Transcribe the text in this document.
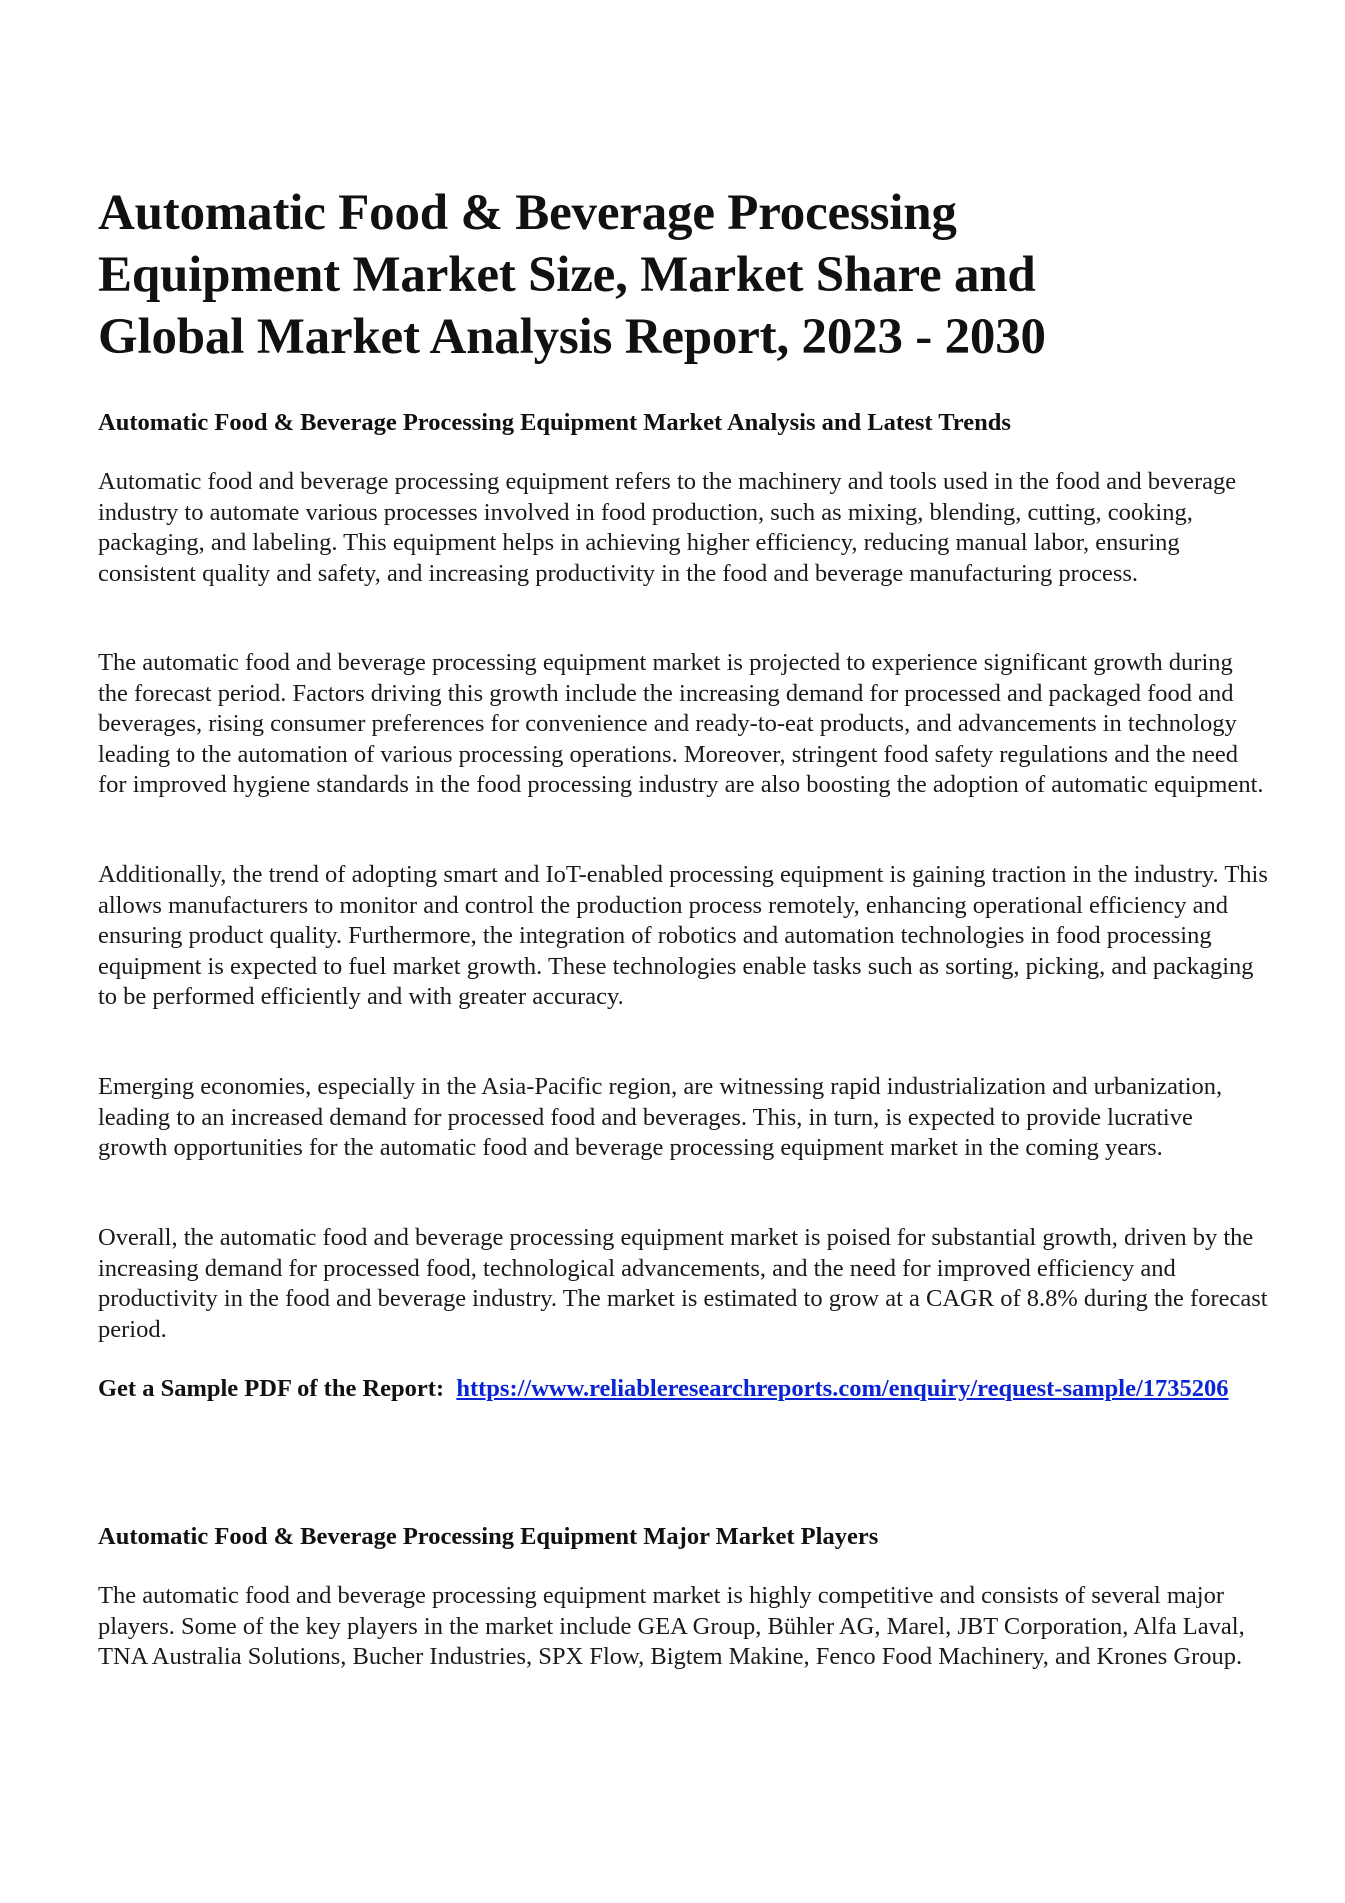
Automatic Food & Beverage Processing
Equipment Market Size, Market Share and
Global Market Analysis Report, 2023 - 2030
Automatic Food & Beverage Processing Equipment Market Analysis and Latest Trends

Automatic food and beverage processing equipment refers to the machinery and tools used in the food and beverage industry to automate various processes involved in food production, such as mixing, blending, cutting, cooking, packaging, and labeling. This equipment helps in achieving higher efficiency, reducing manual labor, ensuring consistent quality and safety, and increasing productivity in the food and beverage manufacturing process.

The automatic food and beverage processing equipment market is projected to experience significant growth during the forecast period. Factors driving this growth include the increasing demand for processed and packaged food and beverages, rising consumer preferences for convenience and ready-to-eat products, and advancements in technology leading to the automation of various processing operations. Moreover, stringent food safety regulations and the need for improved hygiene standards in the food processing industry are also boosting the adoption of automatic equipment.

Additionally, the trend of adopting smart and IoT-enabled processing equipment is gaining traction in the industry. This allows manufacturers to monitor and control the production process remotely, enhancing operational efficiency and ensuring product quality. Furthermore, the integration of robotics and automation technologies in food processing equipment is expected to fuel market growth. These technologies enable tasks such as sorting, picking, and packaging to be performed efficiently and with greater accuracy.

Emerging economies, especially in the Asia-Pacific region, are witnessing rapid industrialization and urbanization, leading to an increased demand for processed food and beverages. This, in turn, is expected to provide lucrative growth opportunities for the automatic food and beverage processing equipment market in the coming years.

Overall, the automatic food and beverage processing equipment market is poised for substantial growth, driven by the increasing demand for processed food, technological advancements, and the need for improved efficiency and productivity in the food and beverage industry. The market is estimated to grow at a CAGR of 8.8% during the forecast period.

Get a Sample PDF of the Report: https://www.reliableresearchreports.com/enquiry/request-sample/1735206
Automatic Food & Beverage Processing Equipment Major Market Players

The automatic food and beverage processing equipment market is highly competitive and consists of several major players. Some of the key players in the market include GEA Group, Bühler AG, Marel, JBT Corporation, Alfa Laval, TNA Australia Solutions, Bucher Industries, SPX Flow, Bigtem Makine, Fenco Food Machinery, and Krones Group.
